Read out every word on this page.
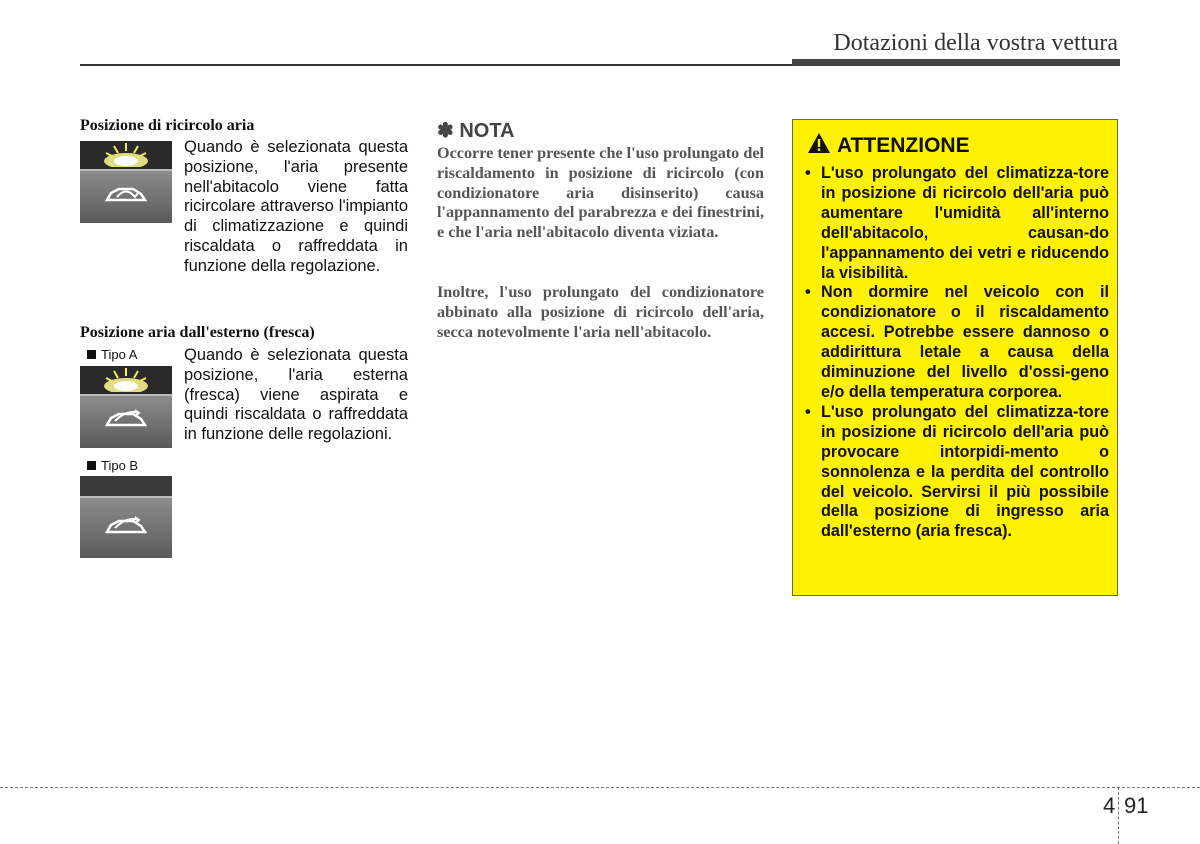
Dotazioni della vostra vettura
Posizione di ricircolo aria
Quando è selezionata questa posizione, l'aria presente nell'abitacolo viene fatta ricircolare attraverso l'impianto di climatizzazione e quindi riscaldata o raffreddata in funzione della regolazione.
Posizione aria dall'esterno (fresca)
Tipo A	Quando è selezionata questa posizione, l'aria esterna (fresca) viene aspirata e quindi riscaldata o raffreddata in funzione delle regolazioni.
Tipo B
✽ NOTA
Occorre tener presente che l'uso prolungato del riscaldamento in posizione di ricircolo (con condizionatore aria disinserito) causa l'appannamento del parabrezza e dei finestrini, e che l'aria nell'abitacolo diventa viziata.
Inoltre, l'uso prolungato del condizionatore abbinato alla posizione di ricircolo dell'aria, secca notevolmente l'aria nell'abitacolo.
ATTENZIONE
• L'uso prolungato del climatizza-tore in posizione di ricircolo dell'aria può aumentare l'umidità all'interno dell'abitacolo, causan-do l'appannamento dei vetri e riducendo la visibilità.
• Non dormire nel veicolo con il condizionatore o il riscaldamento accesi. Potrebbe essere dannoso o addirittura letale a causa della diminuzione del livello d'ossi-geno e/o della temperatura corporea.
• L'uso prolungato del climatizza-tore in posizione di ricircolo dell'aria può provocare intorpidi-mento o sonnolenza e la perdita del controllo del veicolo. Servirsi il più possibile della posizione di ingresso aria dall'esterno (aria fresca).
4 91
